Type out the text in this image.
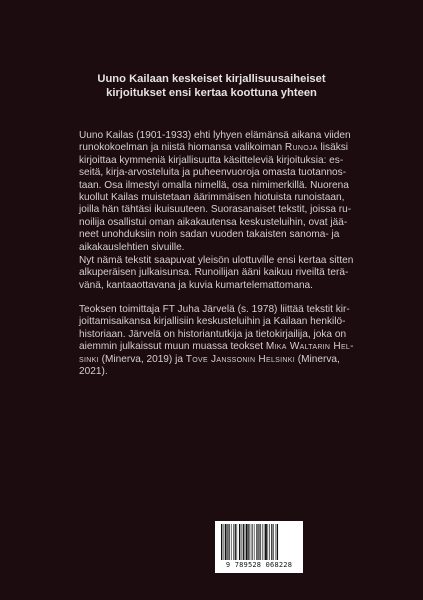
Uuno Kailaan keskeiset kirjallisuusaiheiset
kirjoitukset ensi kertaa koottuna yhteen
Uuno Kailas (1901-1933) ehti lyhyen elämänsä aikana viiden
runokokoelman ja niistä hiomansa valikoiman Runoja lisäksi
kirjoittaa kymmeniä kirjallisuutta käsitteleviä kirjoituksia: es-
seitä, kirja-arvosteluita ja puheenvuoroja omasta tuotannos-
taan. Osa ilmestyi omalla nimellä, osa nimimerkillä. Nuorena
kuollut Kailas muistetaan äärimmäisen hiotuista runoistaan,
joilla hän tähtäsi ikuisuuteen. Suorasanaiset tekstit, joissa ru-
noilija osallistui oman aikakautensa keskusteluihin, ovat jää-
neet unohduksiin noin sadan vuoden takaisten sanoma- ja
aikakauslehtien sivuille.
Nyt nämä tekstit saapuvat yleisön ulottuville ensi kertaa sitten
alkuperäisen julkaisunsa. Runoilijan ääni kaikuu riveiltä terä-
vänä, kantaaottavana ja kuvia kumartelemattomana.
Teoksen toimittaja FT Juha Järvelä (s. 1978) liittää tekstit kir-
joittamisaikansa kirjallisiin keskusteluihin ja Kailaan henkilö-
historiaan. Järvelä on historiantutkija ja tietokirjailija, joka on
aiemmin julkaissut muun muassa teokset Mika Waltarin Hel-
sinki (Minerva, 2019) ja Tove Janssonin Helsinki (Minerva,
2021).
9 789528 068228
